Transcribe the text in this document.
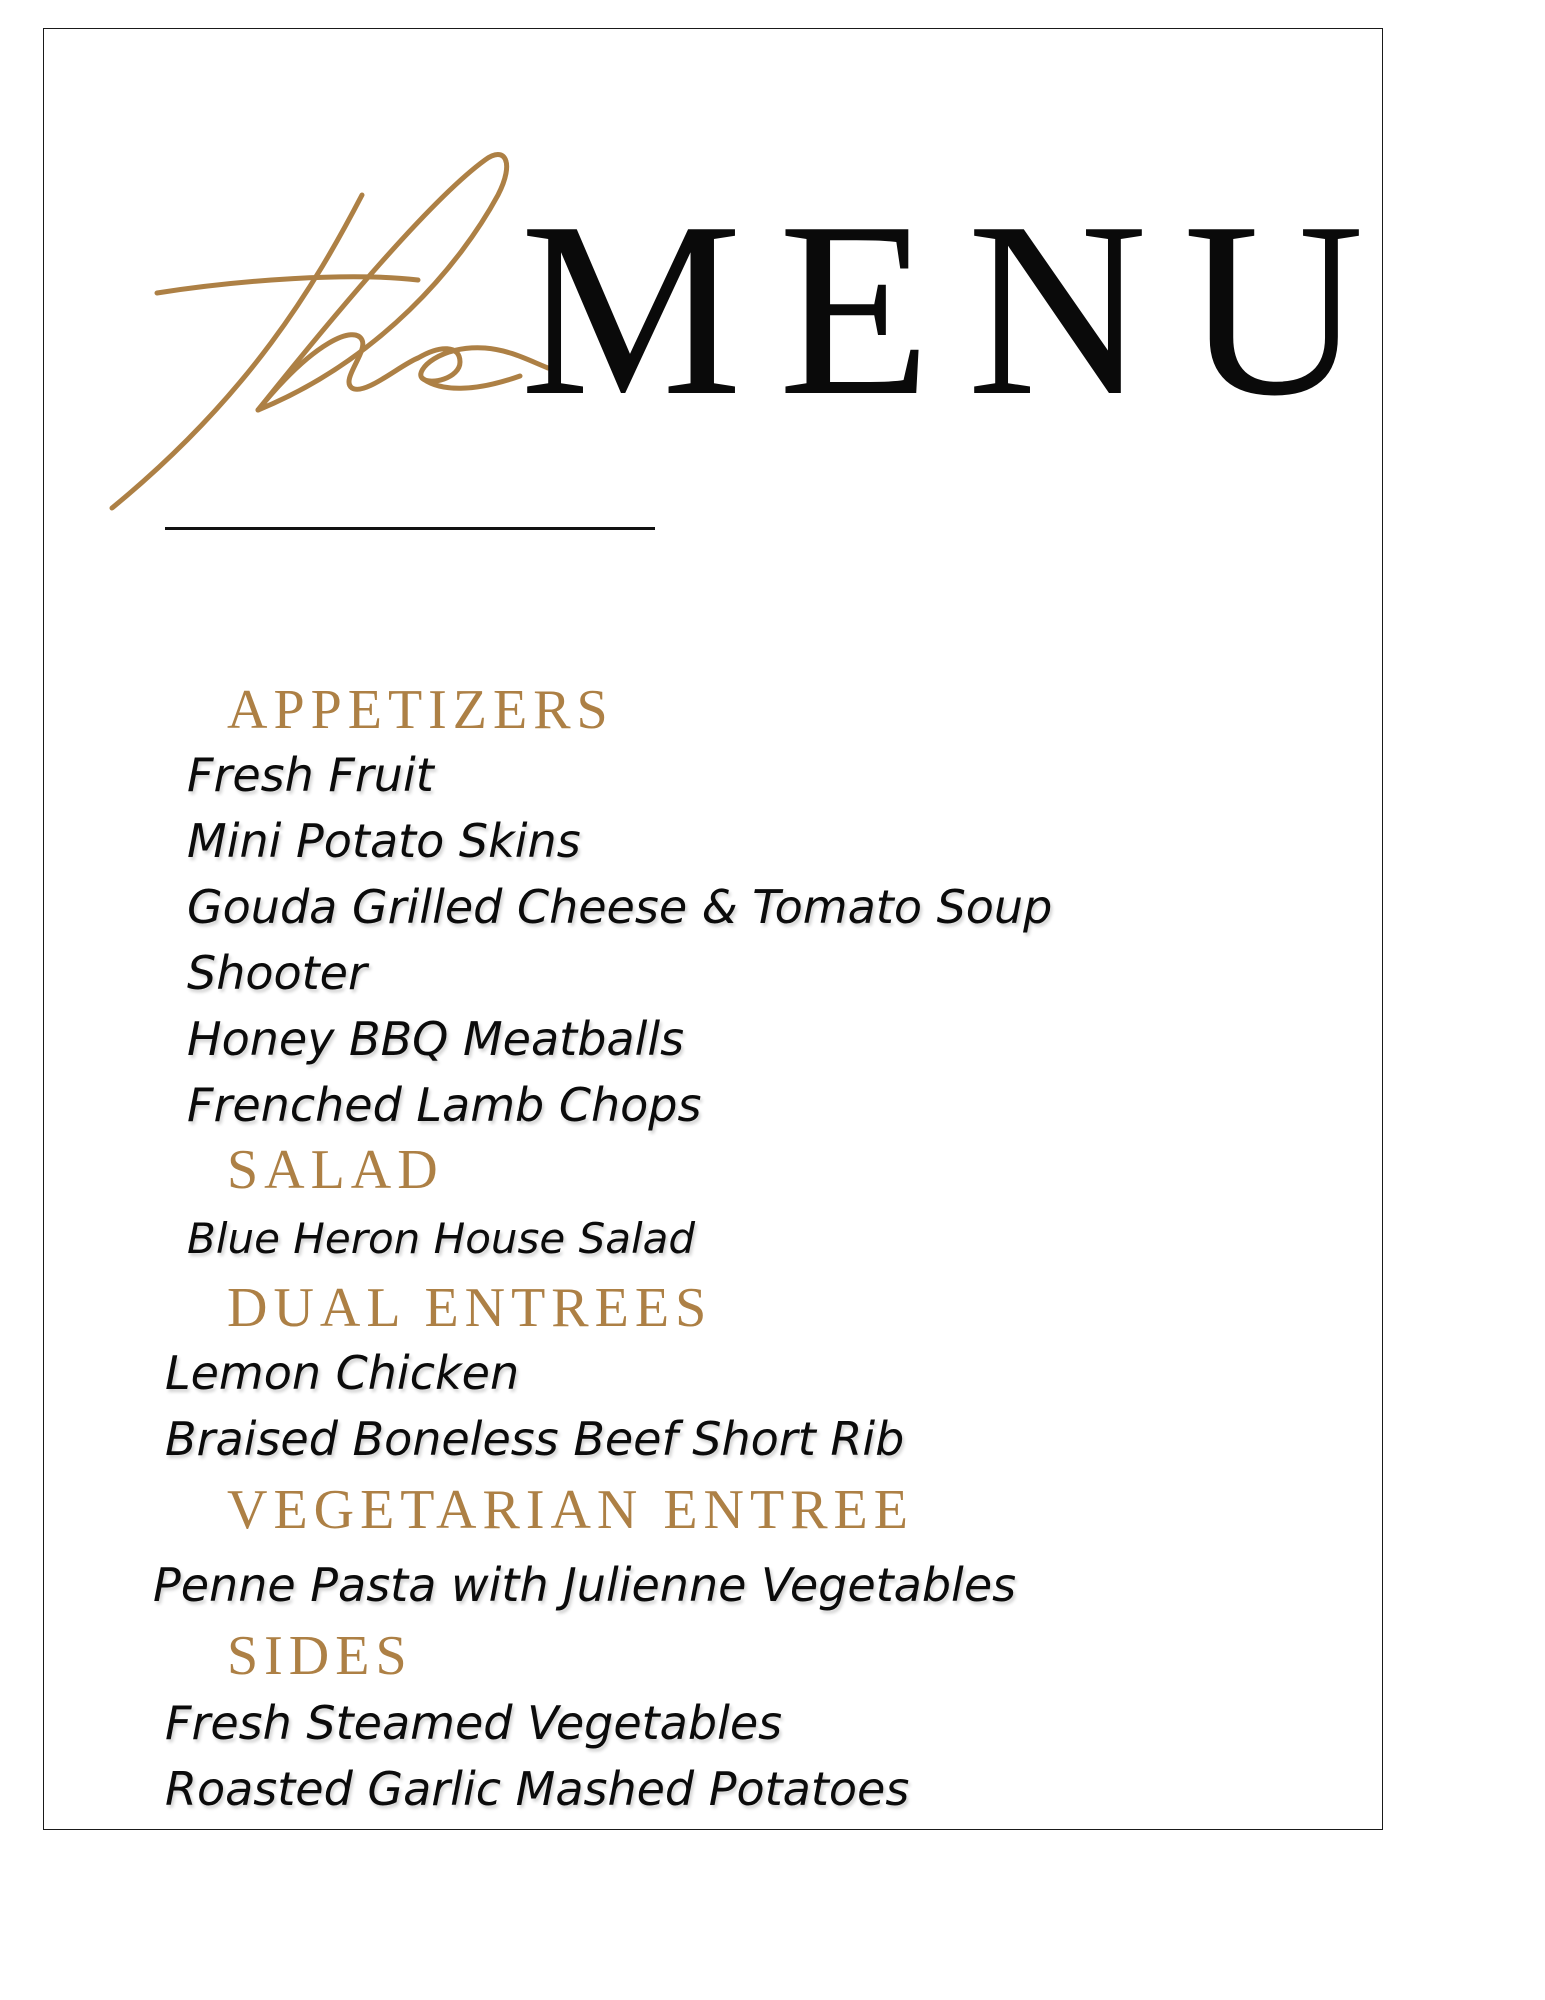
MENU
APPETIZERS

Fresh Fruit

Mini Potato Skins

Gouda Grilled Cheese & Tomato Soup

Shooter

Honey BBQ Meatballs

Frenched Lamb Chops

SALAD

Blue Heron House Salad

DUAL ENTREES

Lemon Chicken

Braised Boneless Beef Short Rib

VEGETARIAN ENTREE

Penne Pasta with Julienne Vegetables

SIDES

Fresh Steamed Vegetables

Roasted Garlic Mashed Potatoes
